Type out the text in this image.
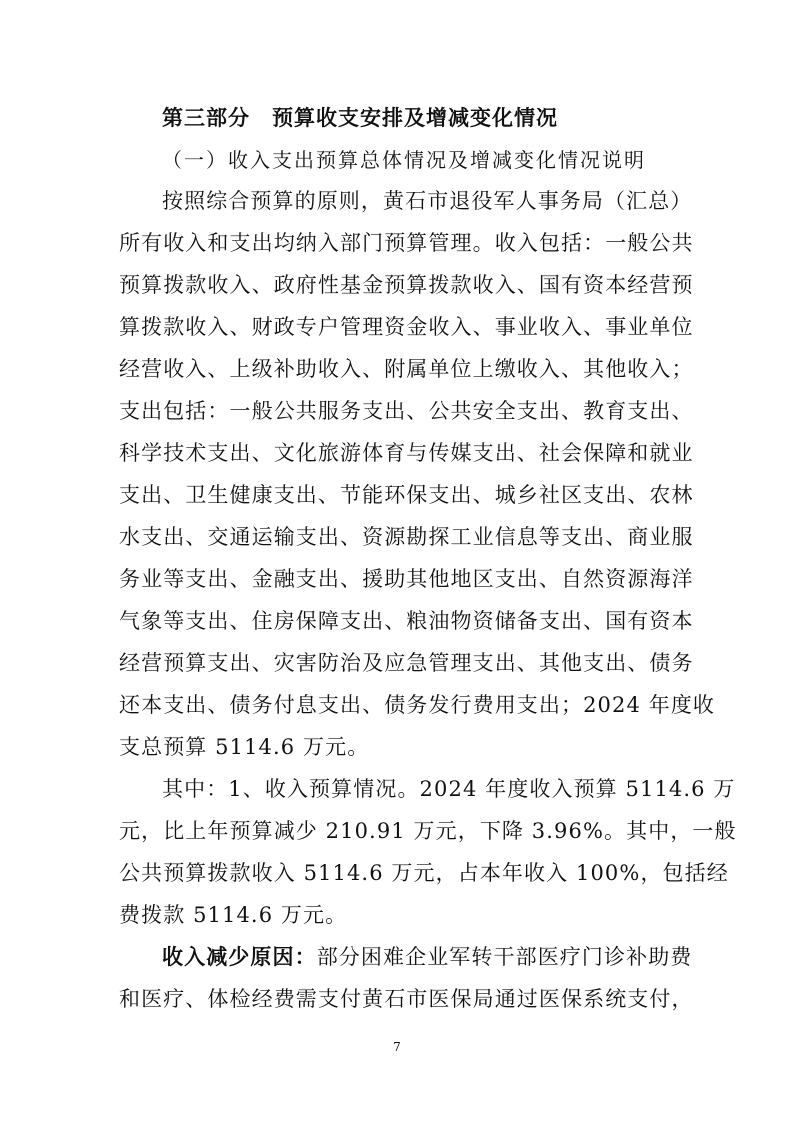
第三部分　预算收支安排及增减变化情况
（一）收入支出预算总体情况及增减变化情况说明
按照综合预算的原则，黄石市退役军人事务局（汇总）
所有收入和支出均纳入部门预算管理。收入包括：一般公共
预算拨款收入、政府性基金预算拨款收入、国有资本经营预
算拨款收入、财政专户管理资金收入、事业收入、事业单位
经营收入、上级补助收入、附属单位上缴收入、其他收入；
支出包括：一般公共服务支出、公共安全支出、教育支出、
科学技术支出、文化旅游体育与传媒支出、社会保障和就业
支出、卫生健康支出、节能环保支出、城乡社区支出、农林
水支出、交通运输支出、资源勘探工业信息等支出、商业服
务业等支出、金融支出、援助其他地区支出、自然资源海洋
气象等支出、住房保障支出、粮油物资储备支出、国有资本
经营预算支出、灾害防治及应急管理支出、其他支出、债务
还本支出、债务付息支出、债务发行费用支出；2024 年度收
支总预算 5114.6 万元。
其中：1、收入预算情况。2024 年度收入预算 5114.6 万
元，比上年预算减少 210.91 万元，下降 3.96%。其中，一般
公共预算拨款收入 5114.6 万元，占本年收入 100%，包括经
费拨款 5114.6 万元。
收入减少原因：部分困难企业军转干部医疗门诊补助费
和医疗、体检经费需支付黄石市医保局通过医保系统支付，
7
